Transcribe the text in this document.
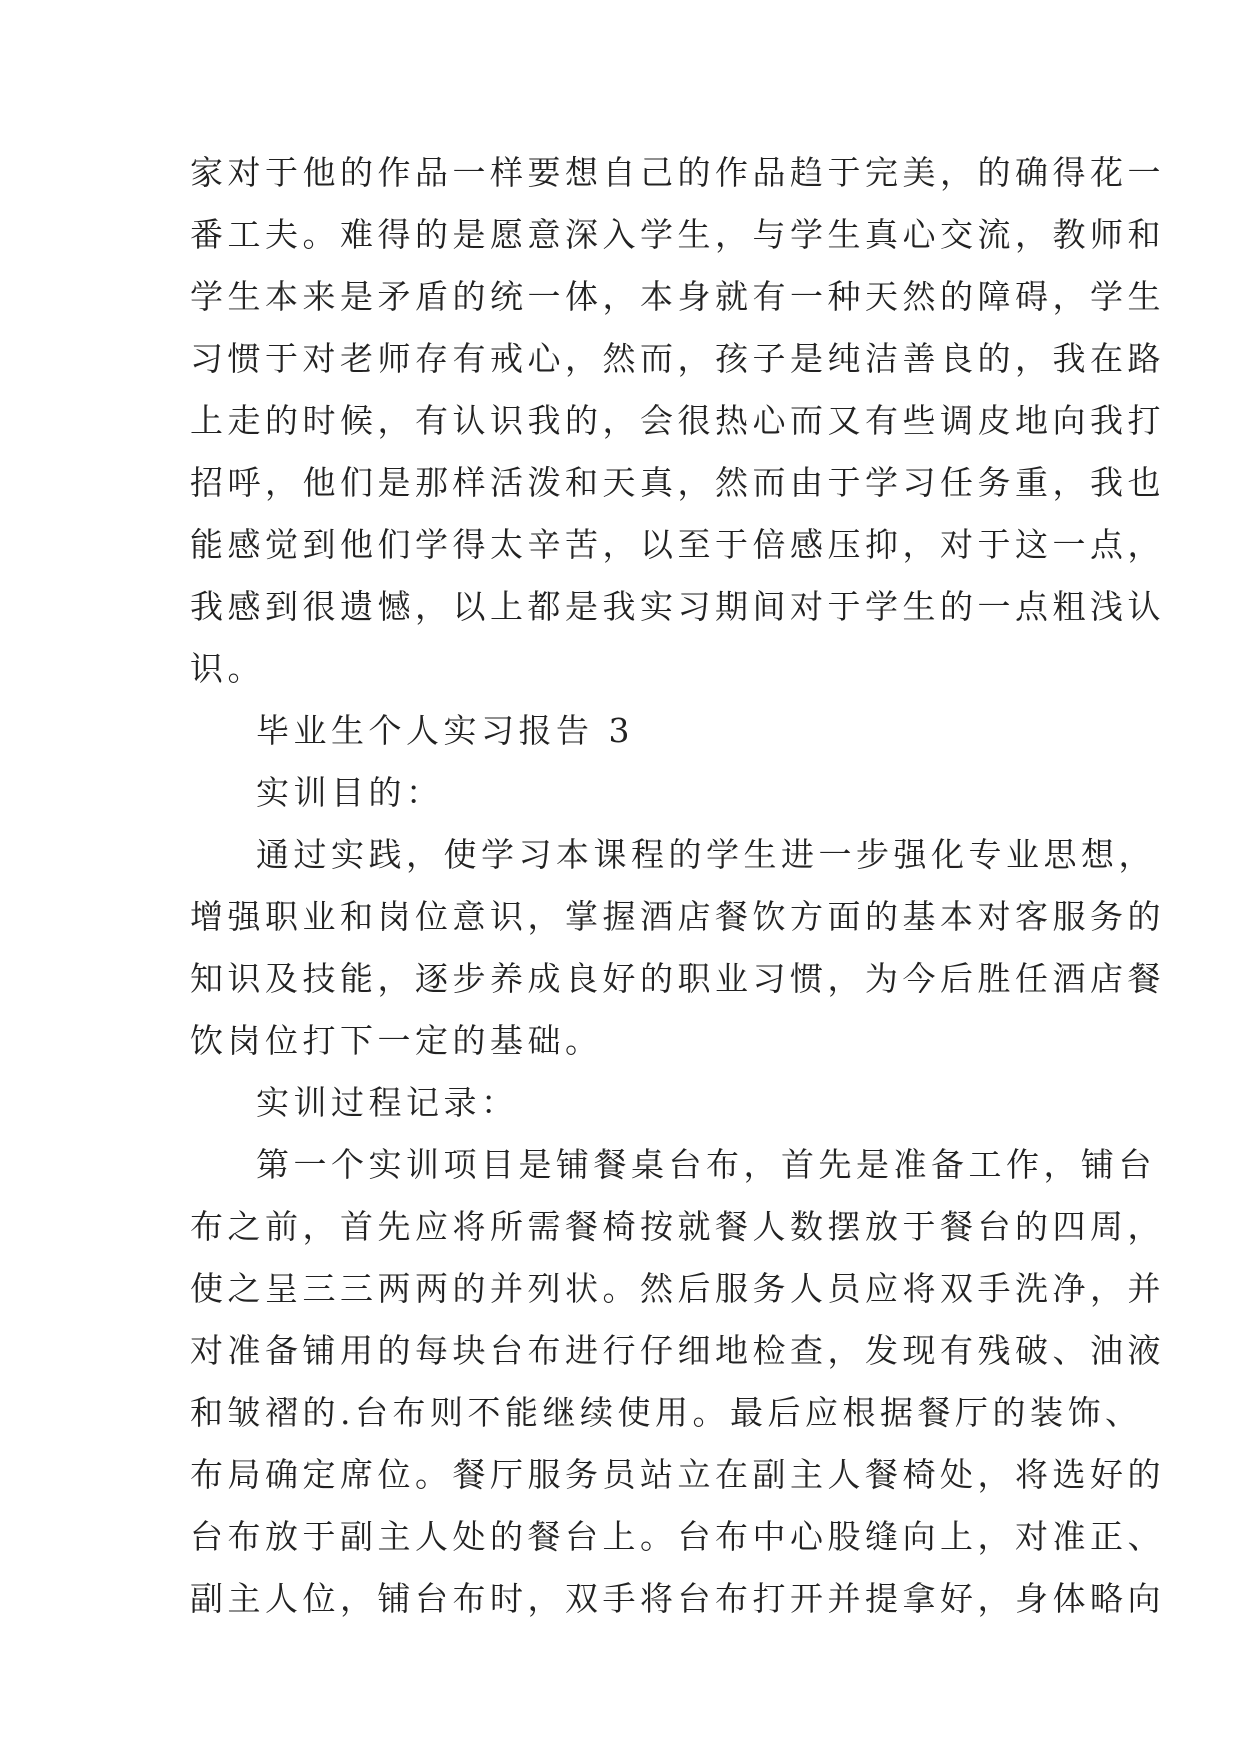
家对于他的作品一样要想自己的作品趋于完美，的确得花一
番工夫。难得的是愿意深入学生，与学生真心交流，教师和
学生本来是矛盾的统一体，本身就有一种天然的障碍，学生
习惯于对老师存有戒心，然而，孩子是纯洁善良的，我在路
上走的时候，有认识我的，会很热心而又有些调皮地向我打
招呼，他们是那样活泼和天真，然而由于学习任务重，我也
能感觉到他们学得太辛苦，以至于倍感压抑，对于这一点，
我感到很遗憾，以上都是我实习期间对于学生的一点粗浅认
识。
毕业生个人实习报告 3
实训目的：
通过实践，使学习本课程的学生进一步强化专业思想，
增强职业和岗位意识，掌握酒店餐饮方面的基本对客服务的
知识及技能，逐步养成良好的职业习惯，为今后胜任酒店餐
饮岗位打下一定的基础。
实训过程记录：
第一个实训项目是铺餐桌台布，首先是准备工作，铺台
布之前，首先应将所需餐椅按就餐人数摆放于餐台的四周，
使之呈三三两两的并列状。然后服务人员应将双手洗净，并
对准备铺用的每块台布进行仔细地检查，发现有残破、油液
和皱褶的.台布则不能继续使用。最后应根据餐厅的装饰、
布局确定席位。餐厅服务员站立在副主人餐椅处，将选好的
台布放于副主人处的餐台上。台布中心股缝向上，对准正、
副主人位，铺台布时，双手将台布打开并提拿好，身体略向
